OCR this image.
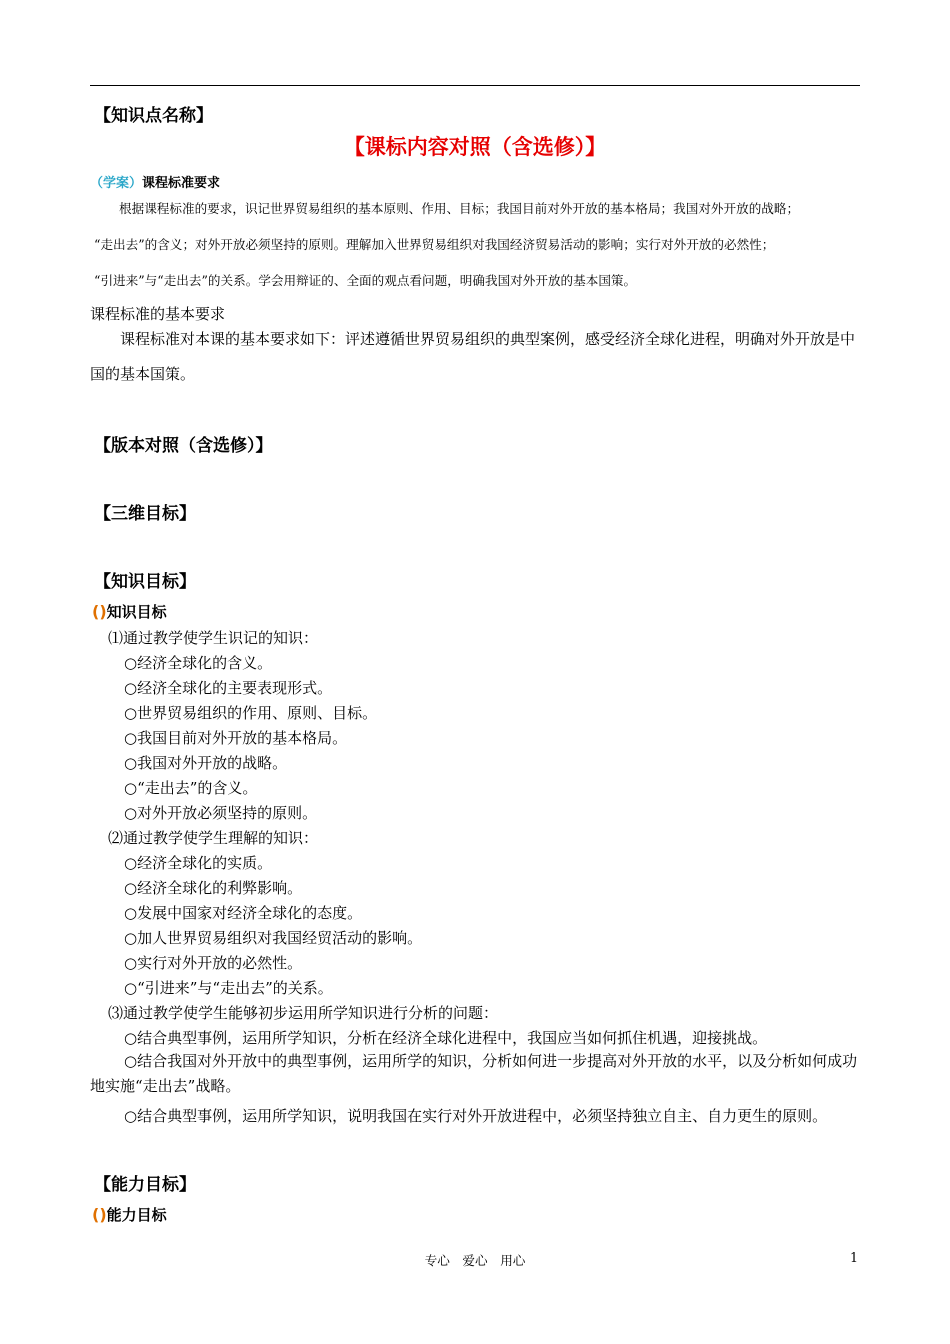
【知识点名称】
【课标内容对照（含选修）】
（学案）课程标准要求
根据课程标准的要求，识记世界贸易组织的基本原则、作用、目标；我国目前对外开放的基本格局；我国对外开放的战略；
“走出去”的含义；对外开放必须坚持的原则。理解加入世界贸易组织对我国经济贸易活动的影响；实行对外开放的必然性；
“引进来”与“走出去”的关系。学会用辩证的、全面的观点看问题，明确我国对外开放的基本国策。
课程标准的基本要求
课程标准对本课的基本要求如下：评述遵循世界贸易组织的典型案例，感受经济全球化进程，明确对外开放是中国的基本国策。
【版本对照（含选修）】
【三维目标】
【知识目标】
()知识目标
⑴通过教学使学生识记的知识：
○经济全球化的含义。
○经济全球化的主要表现形式。
○世界贸易组织的作用、原则、目标。
○我国目前对外开放的基本格局。
○我国对外开放的战略。
○“走出去”的含义。
○对外开放必须坚持的原则。
⑵通过教学使学生理解的知识：
○经济全球化的实质。
○经济全球化的利弊影响。
○发展中国家对经济全球化的态度。
○加人世界贸易组织对我国经贸活动的影响。
○实行对外开放的必然性。
○“引进来”与“走出去”的关系。
⑶通过教学使学生能够初步运用所学知识进行分析的问题：
○结合典型事例，运用所学知识，分析在经济全球化进程中，我国应当如何抓住机遇，迎接挑战。
○结合我国对外开放中的典型事例，运用所学的知识，分析如何进一步提高对外开放的水平，以及分析如何成功地实施“走出去”战略。
○结合典型事例，运用所学知识，说明我国在实行对外开放进程中，必须坚持独立自主、自力更生的原则。
【能力目标】
()能力目标
专心　爱心　用心	1
